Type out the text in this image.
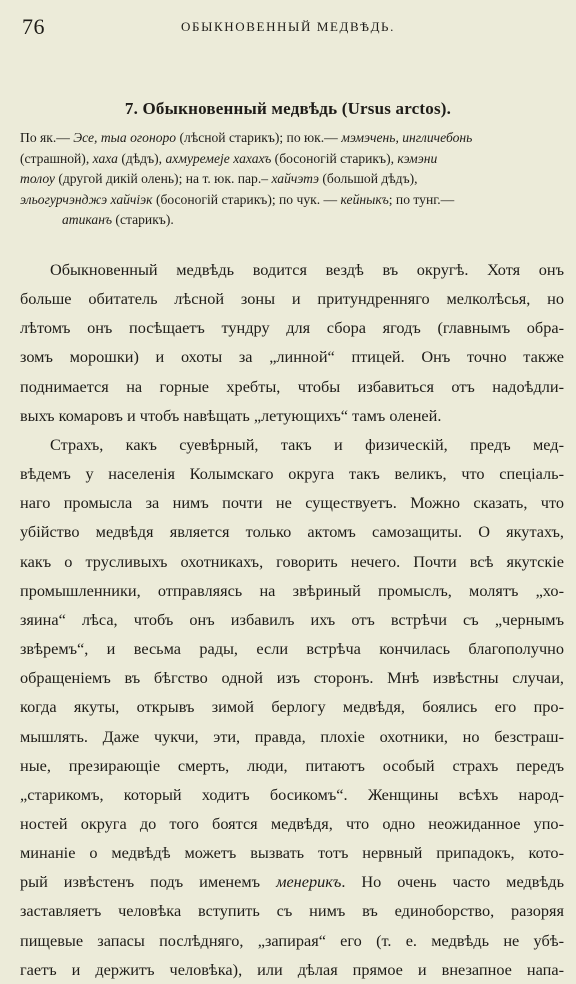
76	ОБЫКНОВЕННЫЙ МЕДВѢДЬ.
7. Обыкновенный медвѣдь (Ursus arctos).
По як.— Эсе, тыа огоноро (лѣсной старикъ); по юк.— мэмэчень, ингличебонь
(страшной), хаха (дѣдъ), ахмуремеје хахахъ (босоногій старикъ), кэмэни
толоу (другой дикій олень); на т. юк. пар.– хайчэтэ (большой дѣдъ),
эльогурчэнджэ хайчіэк (босоногій старикъ); по чук. — кейныкъ; по тунг.—
атиканъ (старикъ).
Обыкновенный медвѣдь водится вездѣ въ округѣ. Хотя онъ
больше обитатель лѣсной зоны и притундренняго мелколѣсья, но
лѣтомъ онъ посѣщаетъ тундру для сбора ягодъ (главнымъ обра-
зомъ морошки) и охоты за „линной“ птицей. Онъ точно также
поднимается на горные хребты, чтобы избавиться отъ надоѣдли-
выхъ комаровъ и чтобъ навѣщать „летующихъ“ тамъ оленей.
Страхъ, какъ суевѣрный, такъ и физическій, предъ мед-
вѣдемъ у населенія Колымскаго округа такъ великъ, что спеціаль-
наго промысла за нимъ почти не существуетъ. Можно сказать, что
убійство медвѣдя является только актомъ самозащиты. О якутахъ,
какъ о трусливыхъ охотникахъ, говорить нечего. Почти всѣ якутскіе
промышленники, отправляясь на звѣриный промыслъ, молятъ „хо-
зяина“ лѣса, чтобъ онъ избавилъ ихъ отъ встрѣчи съ „чернымъ
звѣремъ“, и весьма рады, если встрѣча кончилась благополучно
обращеніемъ въ бѣгство одной изъ сторонъ. Мнѣ извѣстны случаи,
когда якуты, открывъ зимой берлогу медвѣдя, боялись его про-
мышлять. Даже чукчи, эти, правда, плохіе охотники, но безстраш-
ные, презирающіе смерть, люди, питаютъ особый страхъ передъ
„старикомъ, который ходитъ босикомъ“. Женщины всѣхъ народ-
ностей округа до того боятся медвѣдя, что одно неожиданное упо-
минаніе о медвѣдѣ можетъ вызвать тотъ нервный припадокъ, кото-
рый извѣстенъ подъ именемъ менерикъ. Но очень часто медвѣдь
заставляетъ человѣка вступить съ нимъ въ единоборство, разоряя
пищевые запасы послѣдняго, „запирая“ его (т. е. медвѣдь не убѣ-
гаетъ и держитъ человѣка), или дѣлая прямое и внезапное напа-
